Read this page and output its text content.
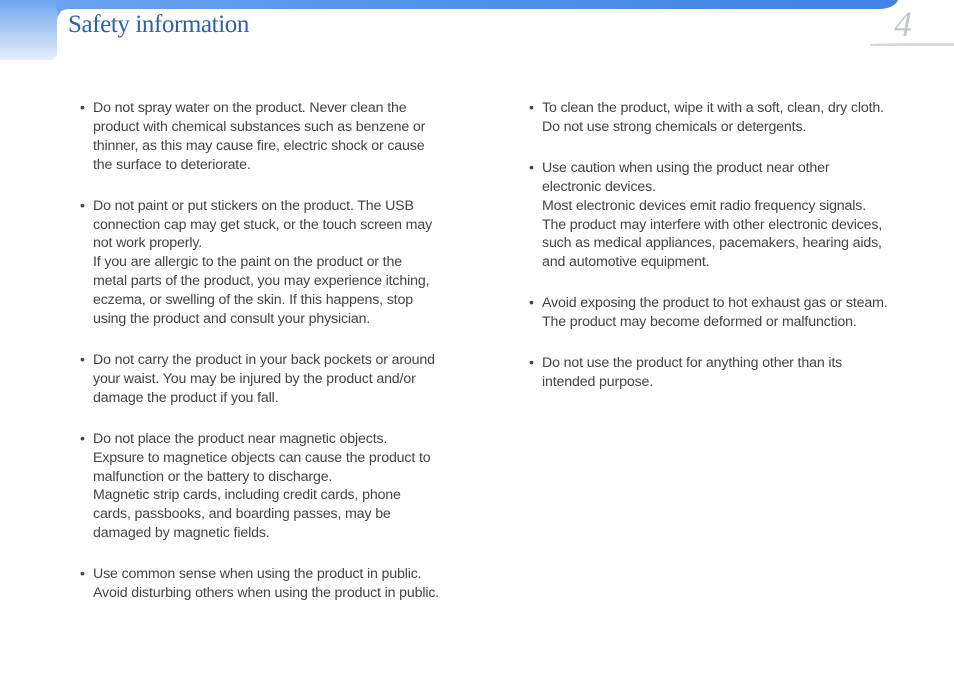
Safety information	4
• Do not spray water on the product. Never clean the
product with chemical substances such as benzene or
thinner, as this may cause fire, electric shock or cause
the surface to deteriorate.
• Do not paint or put stickers on the product. The USB
connection cap may get stuck, or the touch screen may
not work properly.
If you are allergic to the paint on the product or the
metal parts of the product, you may experience itching,
eczema, or swelling of the skin. If this happens, stop
using the product and consult your physician.
• Do not carry the product in your back pockets or around
your waist. You may be injured by the product and/or
damage the product if you fall.
• Do not place the product near magnetic objects.
Expsure to magnetice objects can cause the product to
malfunction or the battery to discharge.
Magnetic strip cards, including credit cards, phone
cards, passbooks, and boarding passes, may be
damaged by magnetic fields.
• Use common sense when using the product in public.
Avoid disturbing others when using the product in public.
• To clean the product, wipe it with a soft, clean, dry cloth.
Do not use strong chemicals or detergents.
• Use caution when using the product near other
electronic devices.
Most electronic devices emit radio frequency signals.
The product may interfere with other electronic devices,
such as medical appliances, pacemakers, hearing aids,
and automotive equipment.
• Avoid exposing the product to hot exhaust gas or steam.
The product may become deformed or malfunction.
• Do not use the product for anything other than its
intended purpose.
